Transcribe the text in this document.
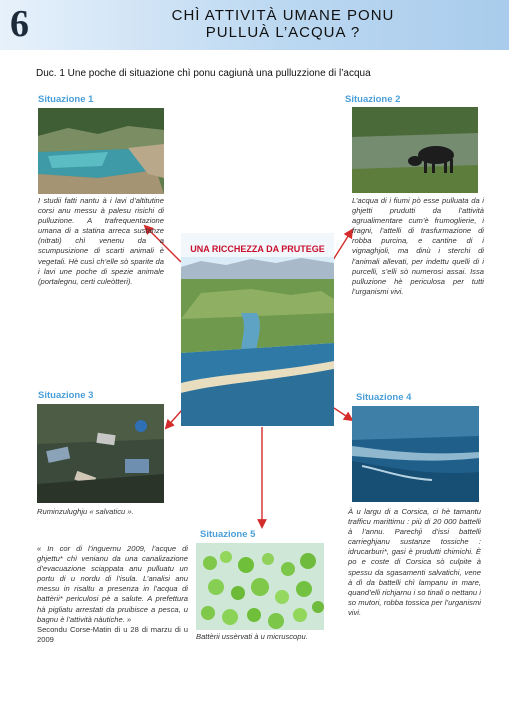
6	CHÌ ATTIVITÀ UMANE PONU
PULLUÀ L’ACQUA ?
Duc. 1 Une poche di situazione chì ponu cagiunà una pulluzzione di l’acqua
Situazione 1
I studii fatti nantu à i lavi d’altitutine corsi anu messu à palesu risichi di pulluzione. A trafrequentazione umana di a statina arreca sustanze (nitrati) chì venenu da a scumpusizione di scarti animali è vegetali. Hè cusì ch’elle sò sparite da i lavi une poche di spezie animale (portalegnu, certi culeòtteri).
Situazione 2
L’acqua di i fiumi pò esse pulluata da i ghjetti prudutti da l’attività agrualimentare cum’è frumoglierie, i fragni, l’attelli di trasfurmazione di robba purcina, e cantine di i vignaghjoli, ma dinù i sterchi di l’animali allevati, per indettu quelli di i purcelli, s’elli sò numerosi assai. Issa pulluzione hè periculosa per tutti l’urganismi vivi.
UNA RICCHEZZA DA PRUTEGE
Situazione 3
Ruminzulughju « salvaticu ».
Situazione 4
À u largu di a Corsica, ci hè tamantu trafficu marittimu : più di 20 000 battelli à l’annu. Parechji d’issi battelli carrieghjanu sustanze tossiche : idrucarburi*, gasi è prudutti chimichi. È po e coste di Corsica sò culpite à spessu da sgasamenti salvatichi, vene à dì da battelli chì lampanu in mare, quand’elli richjarnu i so tinali o nettanu i so mutori, robba tossica per l’urganismi vivi.
« In cor di l’inguernu 2009, l’acque di ghjettu* chì venianu da una canalizazione d’evacuazione sciappata anu pulluatu un portu di u nordu di l’isula. L’analisi anu messu in risaltu a presenza in l’acqua di battèrii* periculosi pè a salute. A prefettura hà pigliatu arrestati da pruibisce a pesca, u bagnu è l’attività nàutiche. »
Secondu Corse-Matin di u 28 di marzu di u 2009
Situazione 5
Battèrii ussèrvati à u micruscopu.
